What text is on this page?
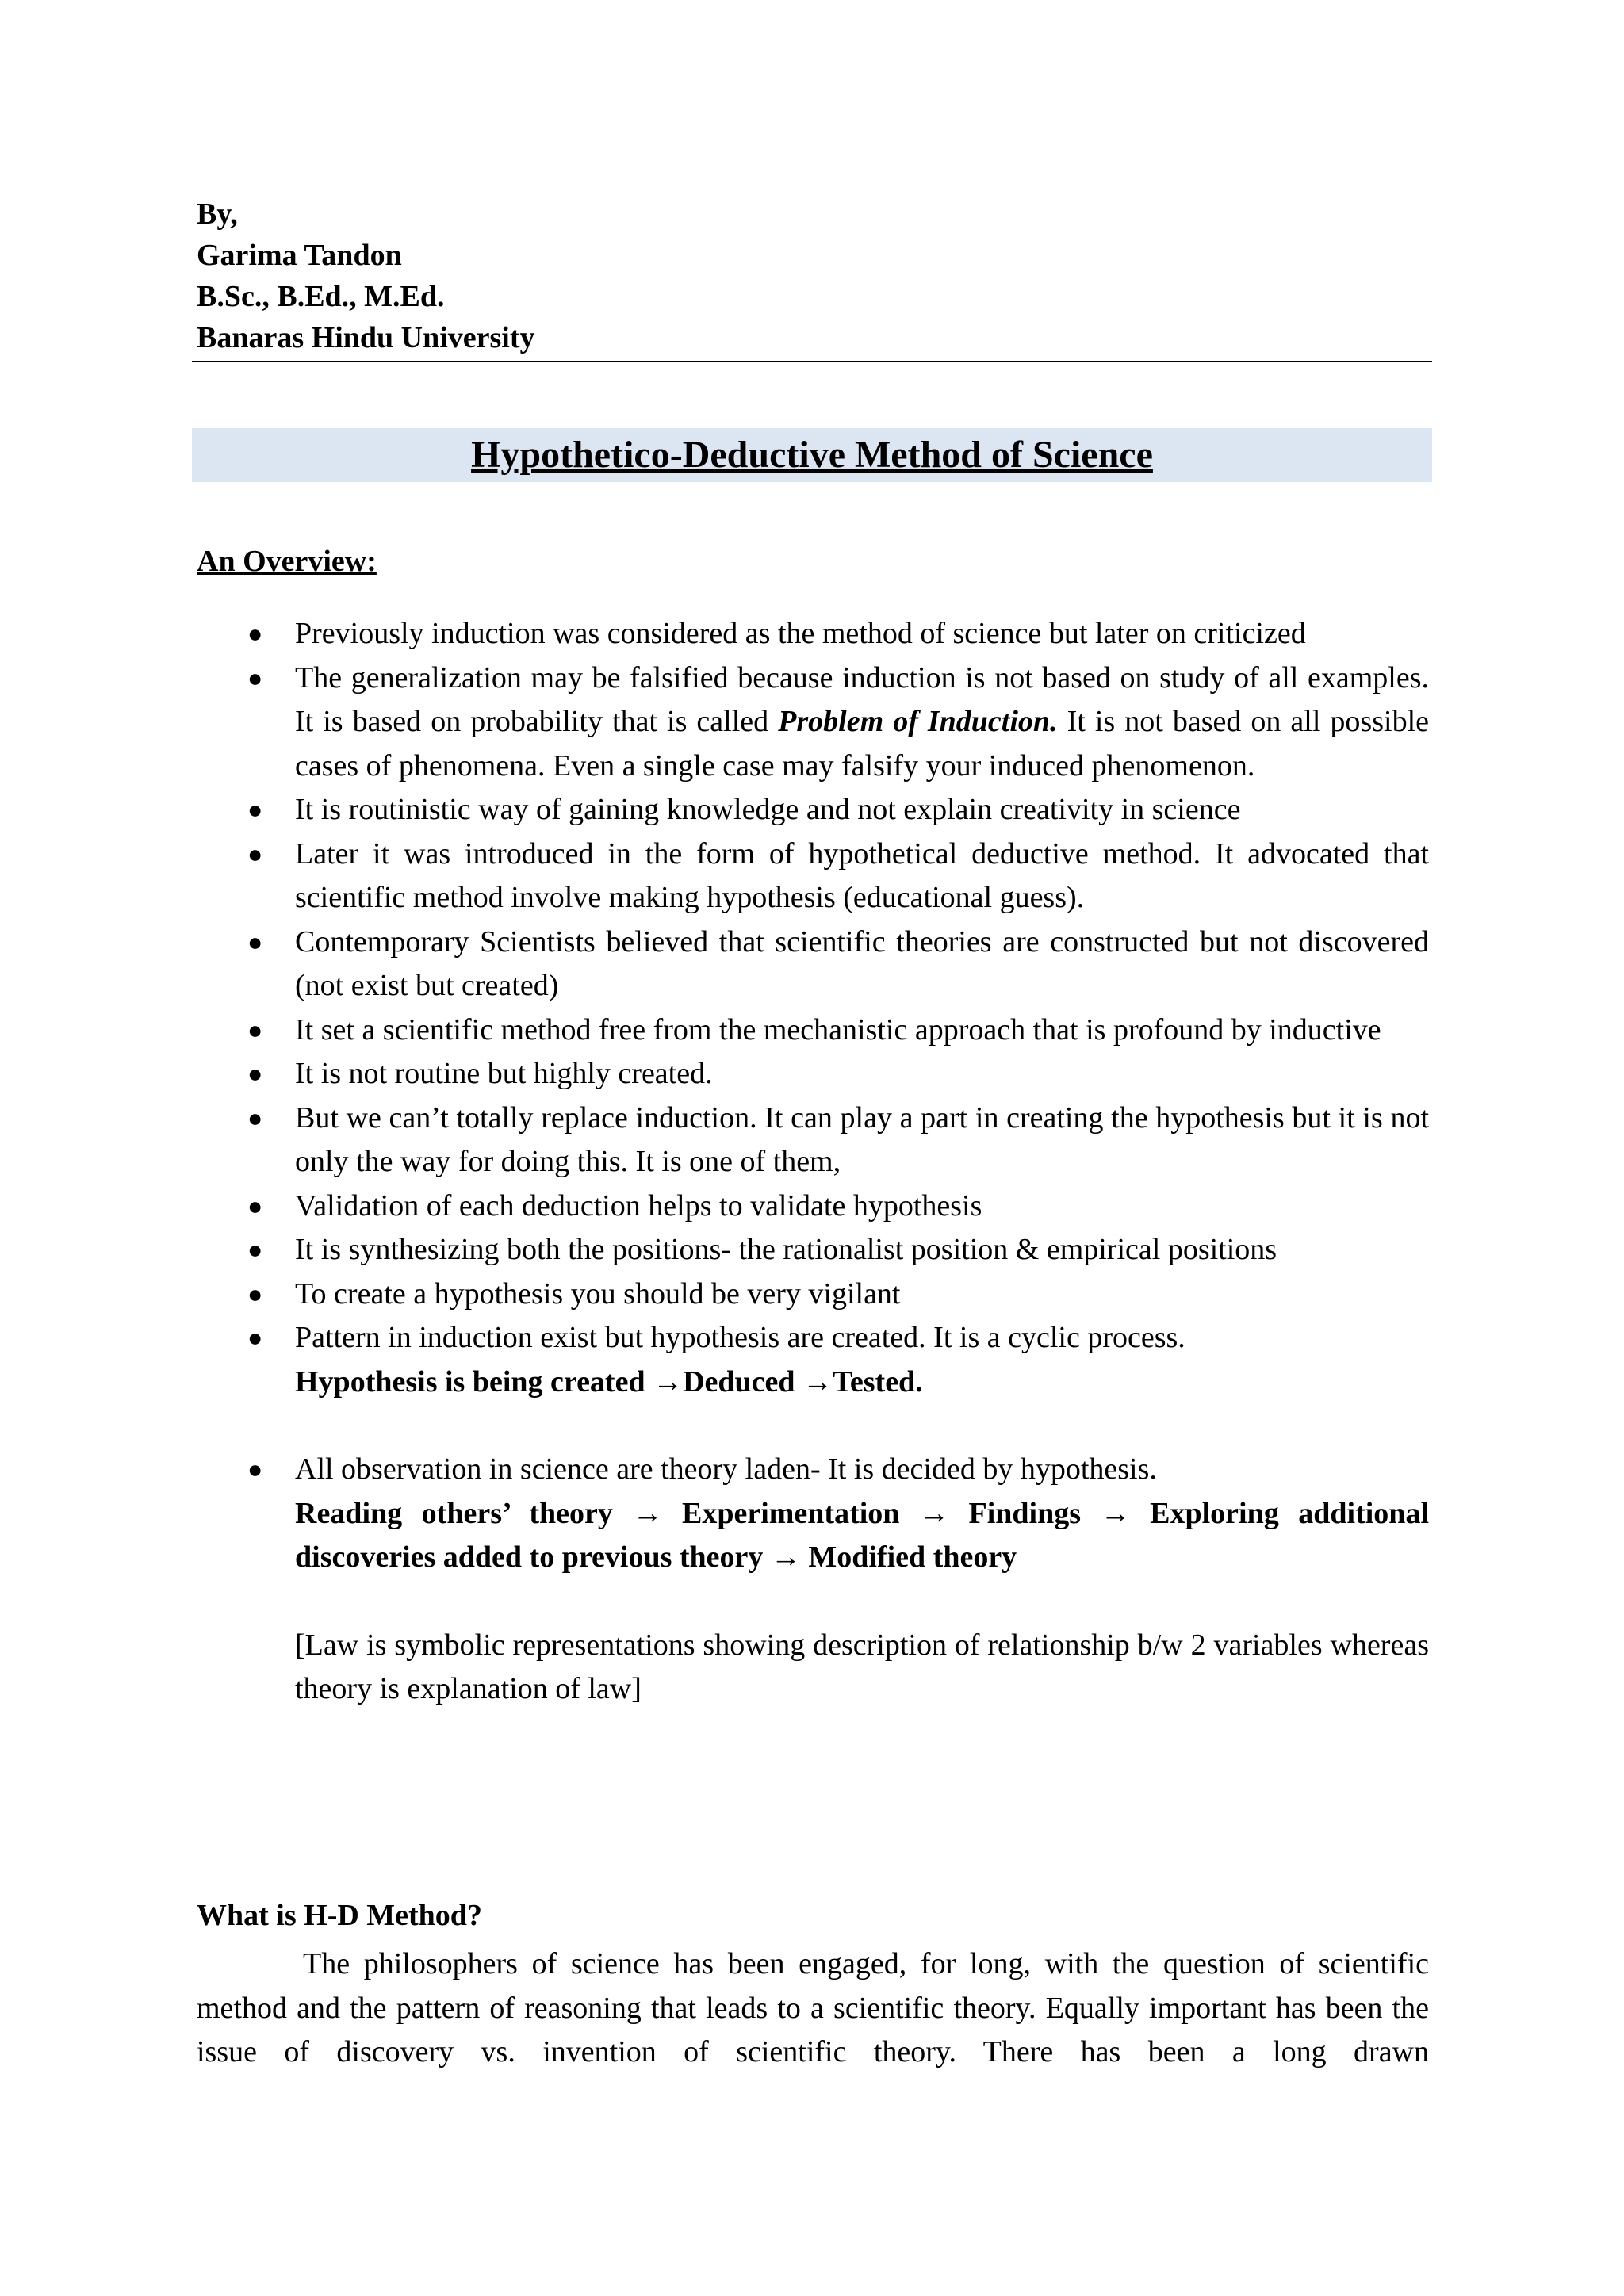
By,
Garima Tandon
B.Sc., B.Ed., M.Ed.
Banaras Hindu University
Hypothetico-Deductive Method of Science
An Overview:
● Previously induction was considered as the method of science but later on criticized
● The generalization may be falsified because induction is not based on study of all examples. It is based on probability that is called Problem of Induction. It is not based on all possible cases of phenomena. Even a single case may falsify your induced phenomenon.
● It is routinistic way of gaining knowledge and not explain creativity in science
● Later it was introduced in the form of hypothetical deductive method. It advocated that scientific method involve making hypothesis (educational guess).
● Contemporary Scientists believed that scientific theories are constructed but not discovered (not exist but created)
● It set a scientific method free from the mechanistic approach that is profound by inductive
● It is not routine but highly created.
● But we can’t totally replace induction. It can play a part in creating the hypothesis but it is not only the way for doing this. It is one of them,
● Validation of each deduction helps to validate hypothesis
● It is synthesizing both the positions- the rationalist position & empirical positions
● To create a hypothesis you should be very vigilant
● Pattern in induction exist but hypothesis are created. It is a cyclic process.
Hypothesis is being created →Deduced →Tested.
● All observation in science are theory laden- It is decided by hypothesis.
Reading others’ theory → Experimentation → Findings → Exploring additional discoveries added to previous theory → Modified theory
[Law is symbolic representations showing description of relationship b/w 2 variables whereas theory is explanation of law]
What is H-D Method?
The philosophers of science has been engaged, for long, with the question of scientific method and the pattern of reasoning that leads to a scientific theory. Equally important has been the issue of discovery vs. invention of scientific theory. There has been a long drawn
